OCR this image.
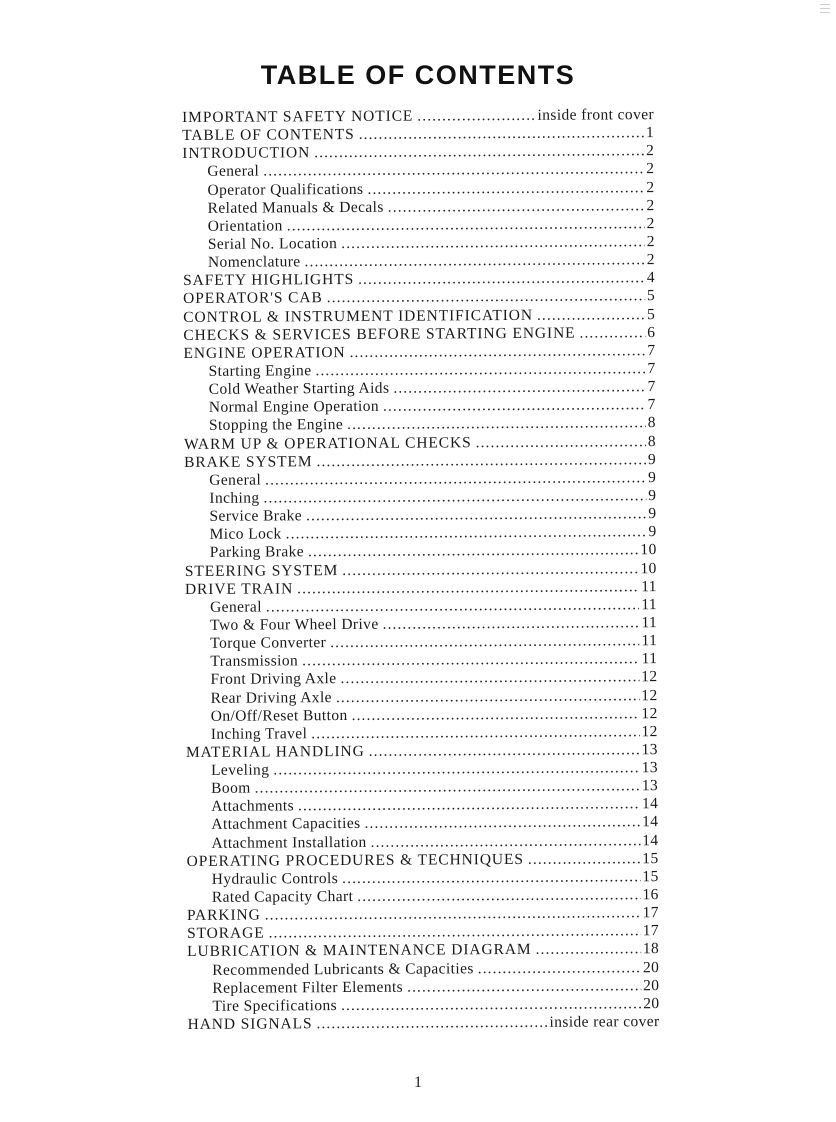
TABLE OF CONTENTS
IMPORTANT SAFETY NOTICE . . .	inside front cover
TABLE OF CONTENTS . . .	1
INTRODUCTION . . .	2
General . . .	2
Operator Qualifications . . .	2
Related Manuals & Decals . . .	2
Orientation . . .	2
Serial No. Location . . .	2
Nomenclature . . .	2
SAFETY HIGHLIGHTS . . .	4
OPERATOR'S CAB . . .	5
CONTROL & INSTRUMENT IDENTIFICATION . . .	5
CHECKS & SERVICES BEFORE STARTING ENGINE . . .	6
ENGINE OPERATION . . .	7
Starting Engine . . .	7
Cold Weather Starting Aids . . .	7
Normal Engine Operation . . .	7
Stopping the Engine . . .	8
WARM UP & OPERATIONAL CHECKS . . .	8
BRAKE SYSTEM . . .	9
General . . .	9
Inching . . .	9
Service Brake . . .	9
Mico Lock . . .	9
Parking Brake . . .	10
STEERING SYSTEM . . .	10
DRIVE TRAIN . . .	11
General . . .	11
Two & Four Wheel Drive . . .	11
Torque Converter . . .	11
Transmission . . .	11
Front Driving Axle . . .	12
Rear Driving Axle . . .	12
On/Off/Reset Button . . .	12
Inching Travel . . .	12
MATERIAL HANDLING . . .	13
Leveling . . .	13
Boom . . .	13
Attachments . . .	14
Attachment Capacities . . .	14
Attachment Installation . . .	14
OPERATING PROCEDURES & TECHNIQUES . . .	15
Hydraulic Controls . . .	15
Rated Capacity Chart . . .	16
PARKING . . .	17
STORAGE . . .	17
LUBRICATION & MAINTENANCE DIAGRAM . . .	18
Recommended Lubricants & Capacities . . .	20
Replacement Filter Elements . . .	20
Tire Specifications . . .	20
HAND SIGNALS . . .	inside rear cover
1
